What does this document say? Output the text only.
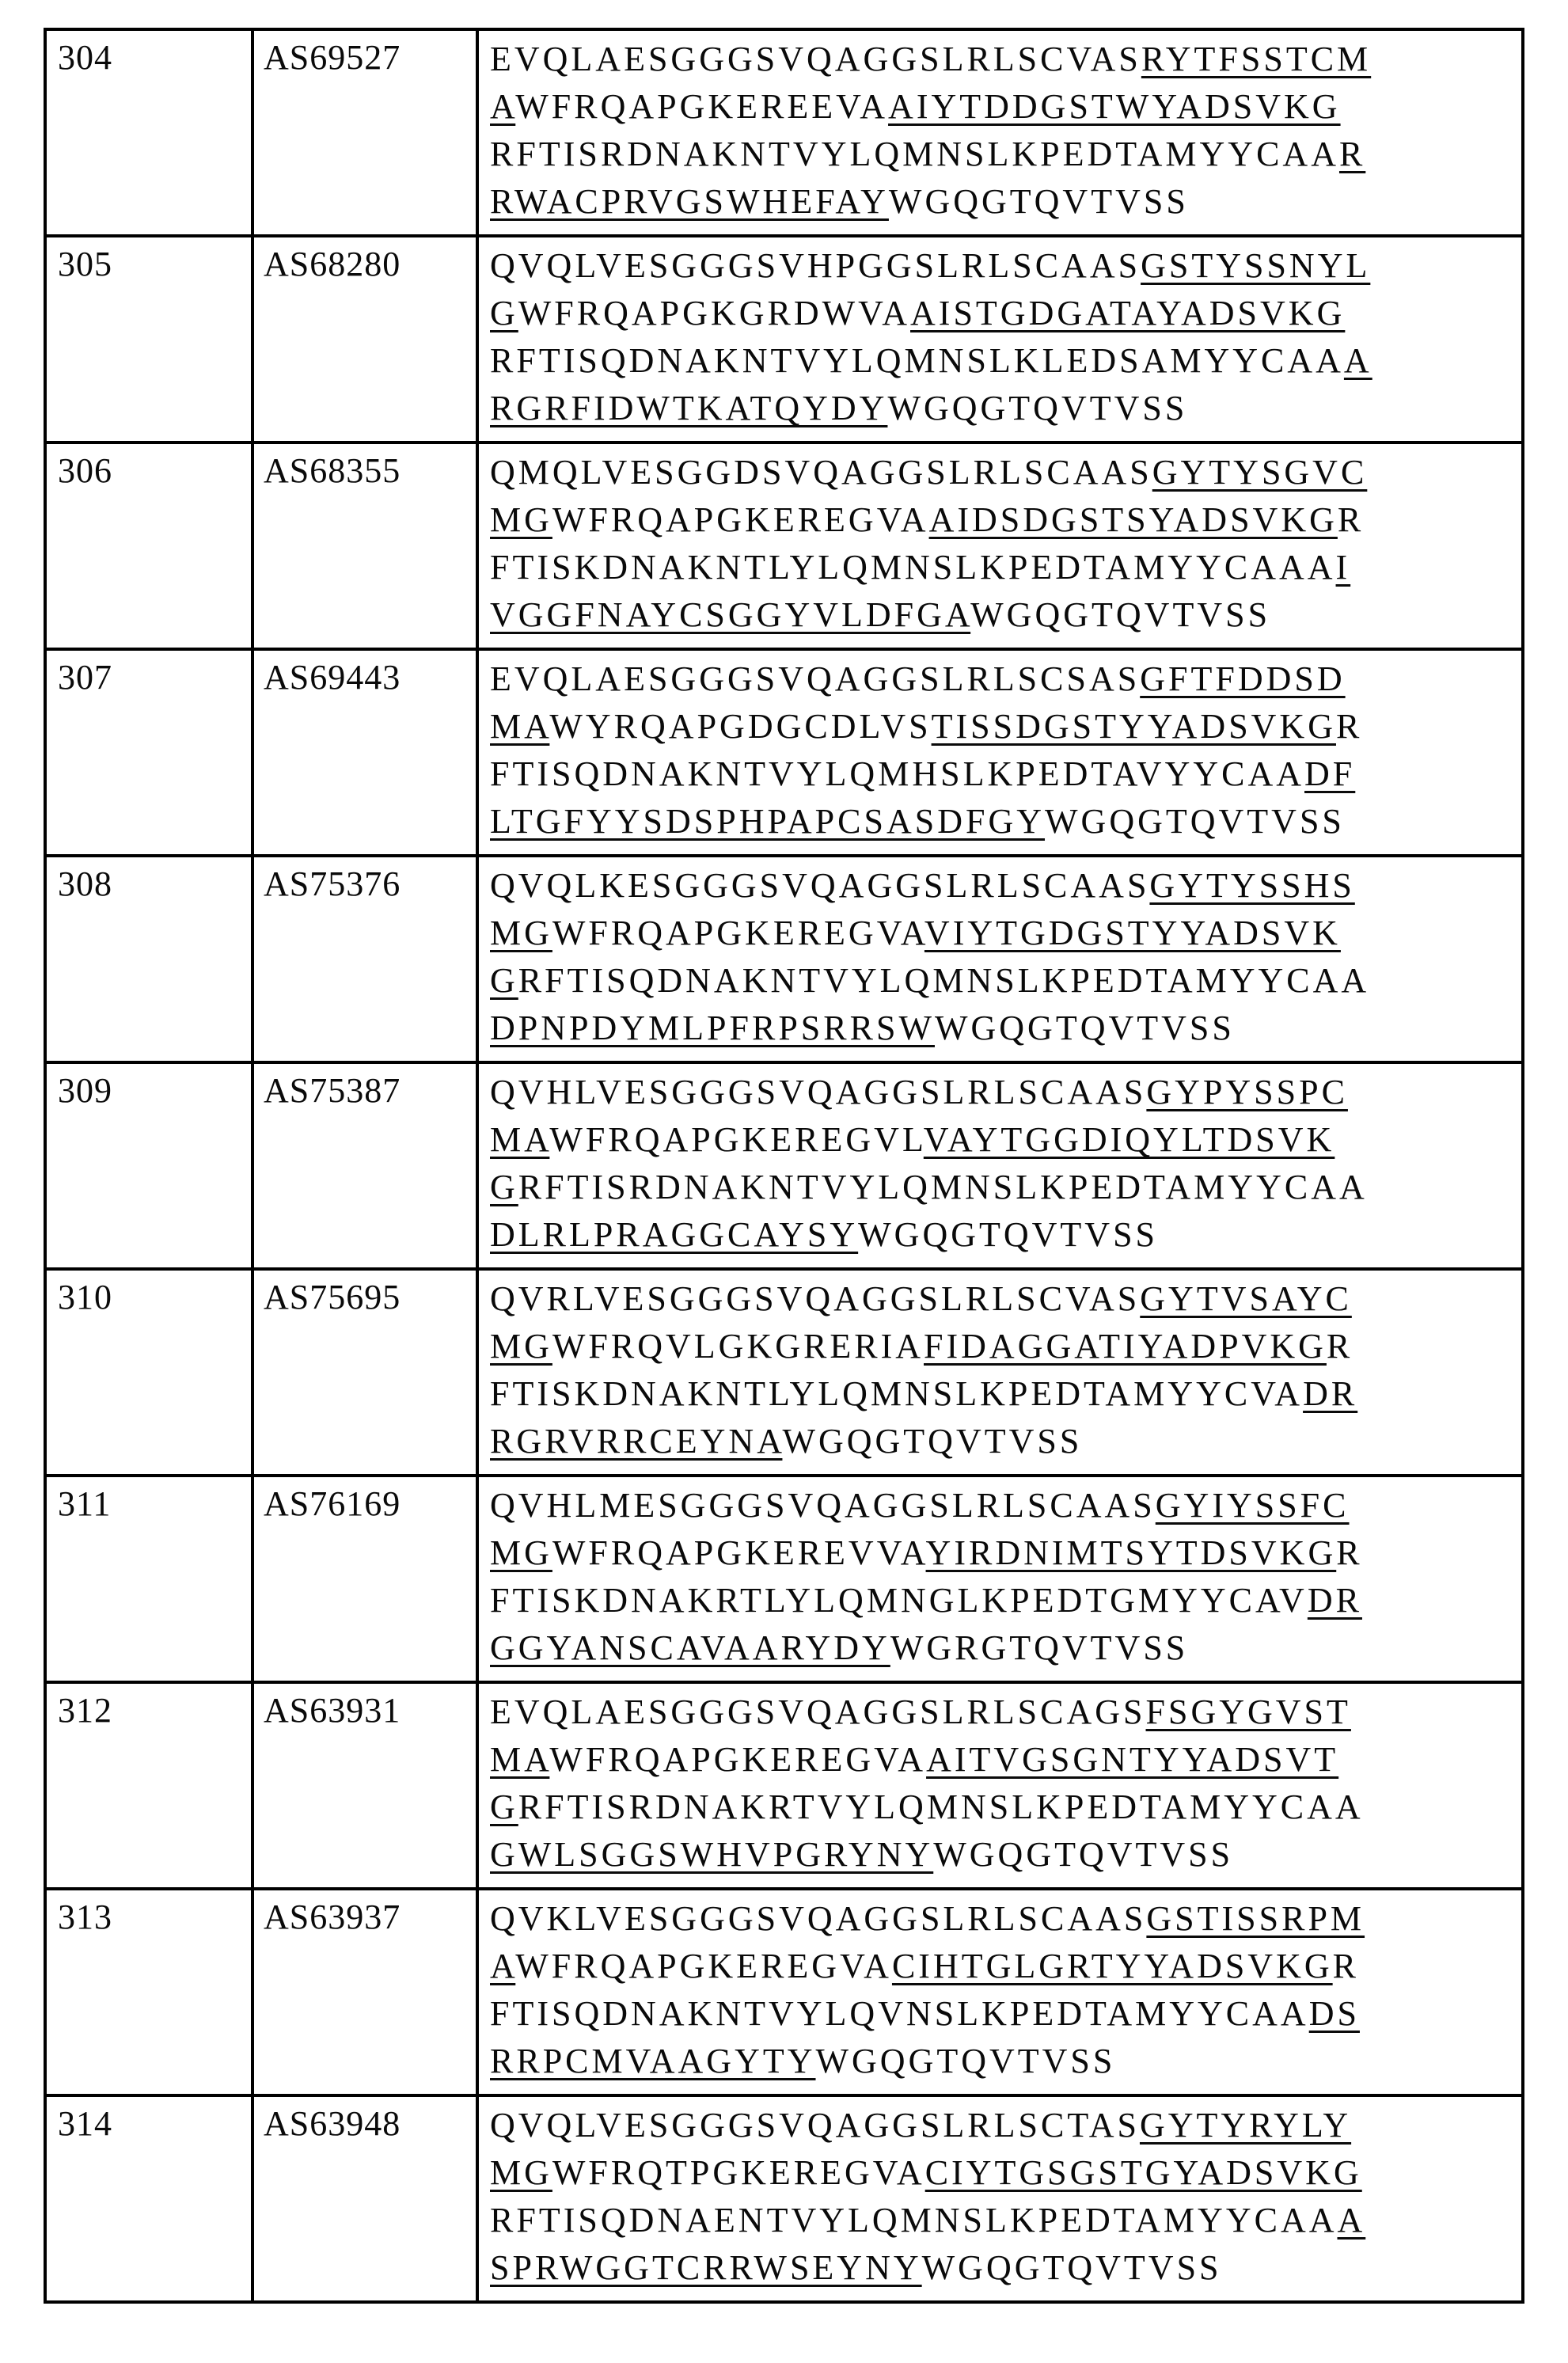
304	AS69527	EVQLAESGGGSVQAGGSLRLSCVASRYTFSSTCM
AWFRQAPGKEREEVAAIYTDDGSTWYADSVKG
RFTISRDNAKNTVYLQMNSLKPEDTAMYYCAAR
RWACPRVGSWHEFAYWGQGTQVTVSS

305	AS68280	QVQLVESGGGSVHPGGSLRLSCAASGSTYSSNYL
GWFRQAPGKGRDWVAAISTGDGATAYADSVKG
RFTISQDNAKNTVYLQMNSLKLEDSAMYYCAAA
RGRFIDWTKATQYDYWGQGTQVTVSS

306	AS68355	QMQLVESGGDSVQAGGSLRLSCAASGYTYSGVC
MGWFRQAPGKEREGVAAIDSDGSTSYADSVKGR
FTISKDNAKNTLYLQMNSLKPEDTAMYYCAAAI
VGGFNAYCSGGYVLDFGAWGQGTQVTVSS

307	AS69443	EVQLAESGGGSVQAGGSLRLSCSASGFTFDDSD
MAWYRQAPGDGCDLVSTISSDGSTYYADSVKGR
FTISQDNAKNTVYLQMHSLKPEDTAVYYCAADF
LTGFYYSDSPHPAPCSASDFGYWGQGTQVTVSS

308	AS75376	QVQLKESGGGSVQAGGSLRLSCAASGYTYSSHS
MGWFRQAPGKEREGVAVIYTGDGSTYYADSVK
GRFTISQDNAKNTVYLQMNSLKPEDTAMYYCAA
DPNPDYMLPFRPSRRSWWGQGTQVTVSS

309	AS75387	QVHLVESGGGSVQAGGSLRLSCAASGYPYSSPC
MAWFRQAPGKEREGVLVAYTGGDIQYLTDSVK
GRFTISRDNAKNTVYLQMNSLKPEDTAMYYCAA
DLRLPRAGGCAYSYWGQGTQVTVSS

310	AS75695	QVRLVESGGGSVQAGGSLRLSCVASGYTVSAYC
MGWFRQVLGKGRERIAFIDAGGATIYADPVKGR
FTISKDNAKNTLYLQMNSLKPEDTAMYYCVADR
RGRVRRCEYNAWGQGTQVTVSS

311	AS76169	QVHLMESGGGSVQAGGSLRLSCAASGYIYSSFC
MGWFRQAPGKEREVVAYIRDNIMTSYTDSVKGR
FTISKDNAKRTLYLQMNGLKPEDTGMYYCAVDR
GGYANSCAVAARYDYWGRGTQVTVSS

312	AS63931	EVQLAESGGGSVQAGGSLRLSCAGSFSGYGVST
MAWFRQAPGKEREGVAAITVGSGNTYYADSVT
GRFTISRDNAKRTVYLQMNSLKPEDTAMYYCAA
GWLSGGSWHVPGRYNYWGQGTQVTVSS

313	AS63937	QVKLVESGGGSVQAGGSLRLSCAASGSTISSRPM
AWFRQAPGKEREGVACIHTGLGRTYYADSVKGR
FTISQDNAKNTVYLQVNSLKPEDTAMYYCAADS
RRPCMVAAGYTYWGQGTQVTVSS

314	AS63948	QVQLVESGGGSVQAGGSLRLSCTASGYTYRYLY
MGWFRQTPGKEREGVACIYTGSGSTGYADSVKG
RFTISQDNAENTVYLQMNSLKPEDTAMYYCAAA
SPRWGGTCRRWSEYNYWGQGTQVTVSS
